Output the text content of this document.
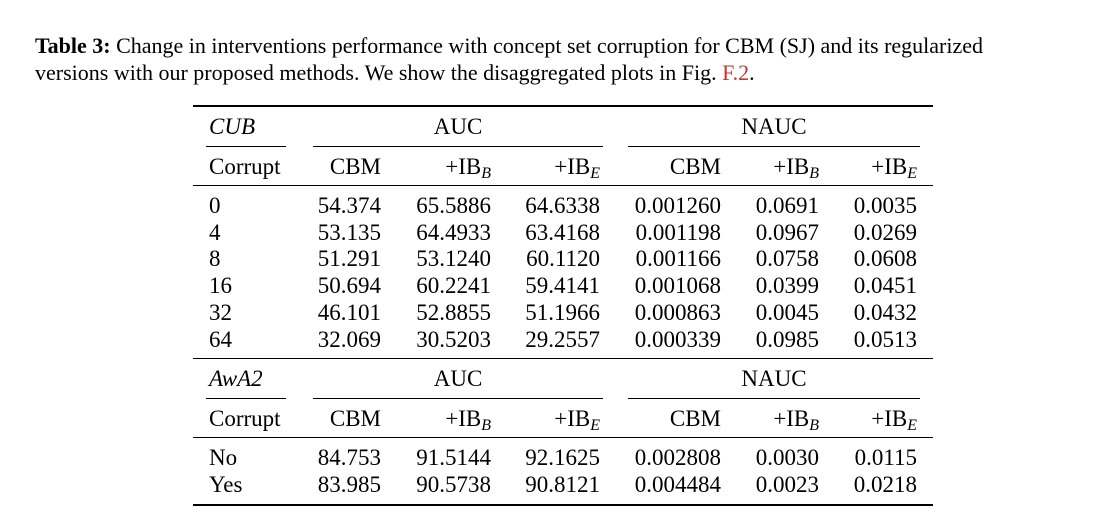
Table 3: Change in interventions performance with concept set corruption for CBM (SJ) and its regularized
versions with our proposed methods. We show the disaggregated plots in Fig. F.2.
CUB	AUC	NAUC
Corrupt	CBM	$+IB_B$	$+IB_E$	CBM	$+IB_B$	$+IB_E$
0	54.374	65.5886	64.6338	0.001260	0.0691	0.0035
4	53.135	64.4933	63.4168	0.001198	0.0967	0.0269
8	51.291	53.1240	60.1120	0.001166	0.0758	0.0608
16	50.694	60.2241	59.4141	0.001068	0.0399	0.0451
32	46.101	52.8855	51.1966	0.000863	0.0045	0.0432
64	32.069	30.5203	29.2557	0.000339	0.0985	0.0513
AwA2	AUC	NAUC
Corrupt	CBM	$+IB_B$	$+IB_E$	CBM	$+IB_B$	$+IB_E$
No	84.753	91.5144	92.1625	0.002808	0.0030	0.0115
Yes	83.985	90.5738	90.8121	0.004484	0.0023	0.0218
